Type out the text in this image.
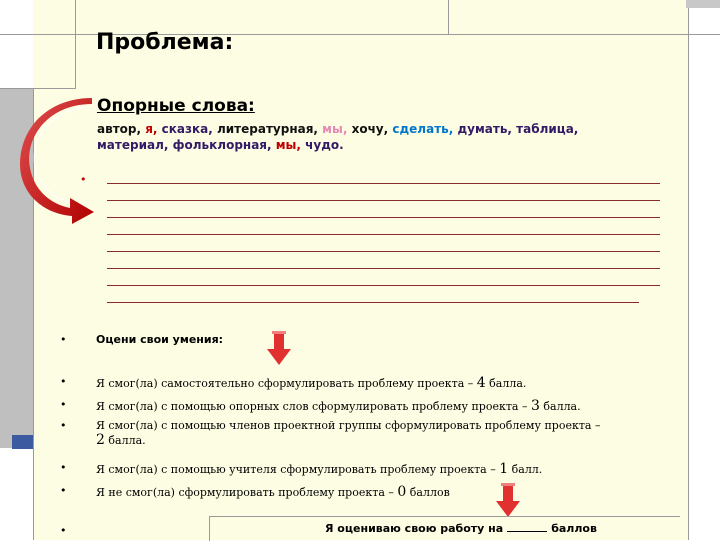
Проблема:
Опорные слова:
автор, я, сказка, литературная, мы, хочу, сделать, думать, таблица,
материал, фольклорная, мы, чудо.
•
•	Оцени свои умения:
•	Я смог(ла) самостоятельно сформулировать проблему проекта – 4 балла.
•	Я смог(ла) с помощью опорных слов сформулировать проблему проекта – 3 балла.
•	Я смог(ла) с помощью членов проектной группы сформулировать проблему проекта –
2 балла.
•	Я смог(ла) с помощью учителя сформулировать проблему проекта – 1 балл.
•	Я не смог(ла) сформулировать проблему проекта – 0 баллов
•	Я оцениваю свою работу на	баллов
